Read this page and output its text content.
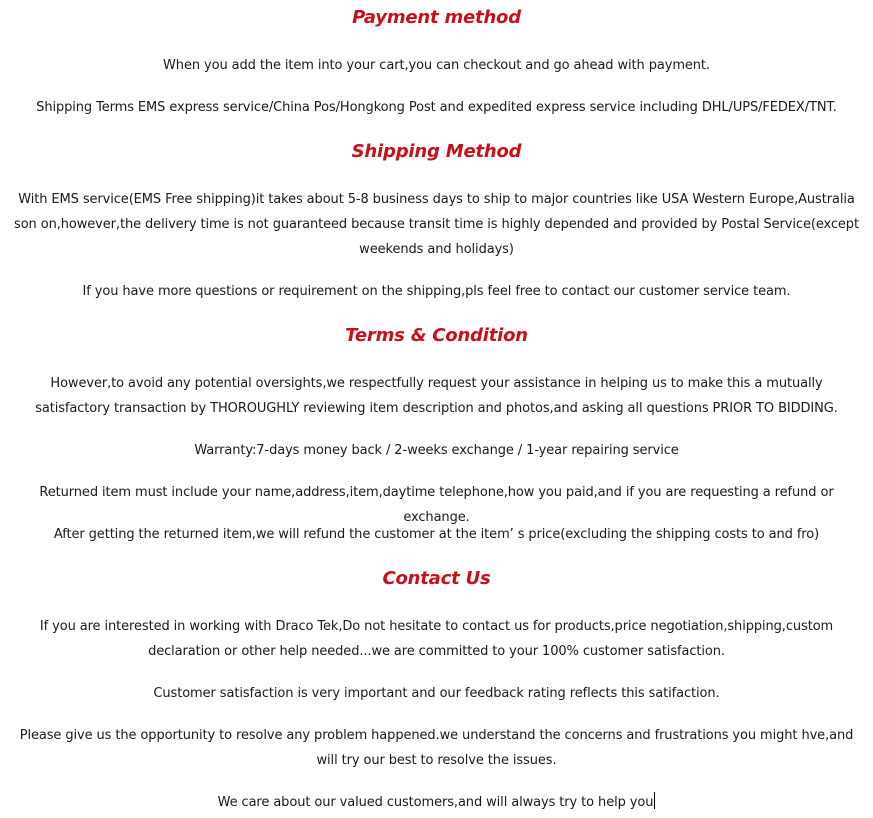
Payment method

When you add the item into your cart,you can checkout and go ahead with payment.

Shipping Terms EMS express service/China Pos/Hongkong Post and expedited express service including DHL/UPS/FEDEX/TNT.

Shipping Method

With EMS service(EMS Free shipping)it takes about 5-8 business days to ship to major countries like USA Western Europe,Australia son on,however,the delivery time is not guaranteed because transit time is highly depended and provided by Postal Service(except weekends and holidays)

If you have more questions or requirement on the shipping,pls feel free to contact our customer service team.

Terms & Condition

However,to avoid any potential oversights,we respectfully request your assistance in helping us to make this a mutually satisfactory transaction by THOROUGHLY reviewing item description and photos,and asking all questions PRIOR TO BIDDING.

Warranty:7-days money back / 2-weeks exchange / 1-year repairing service

Returned item must include your name,address,item,daytime telephone,how you paid,and if you are requesting a refund or exchange.

After getting the returned item,we will refund the customer at the item’ s price(excluding the shipping costs to and fro)

Contact Us

If you are interested in working with Draco Tek,Do not hesitate to contact us for products,price negotiation,shipping,custom declaration or other help needed...we are committed to your 100% customer satisfaction.

Customer satisfaction is very important and our feedback rating reflects this satifaction.

Please give us the opportunity to resolve any problem happened.we understand the concerns and frustrations you might hve,and will try our best to resolve the issues.

We care about our valued customers,and will always try to help you
